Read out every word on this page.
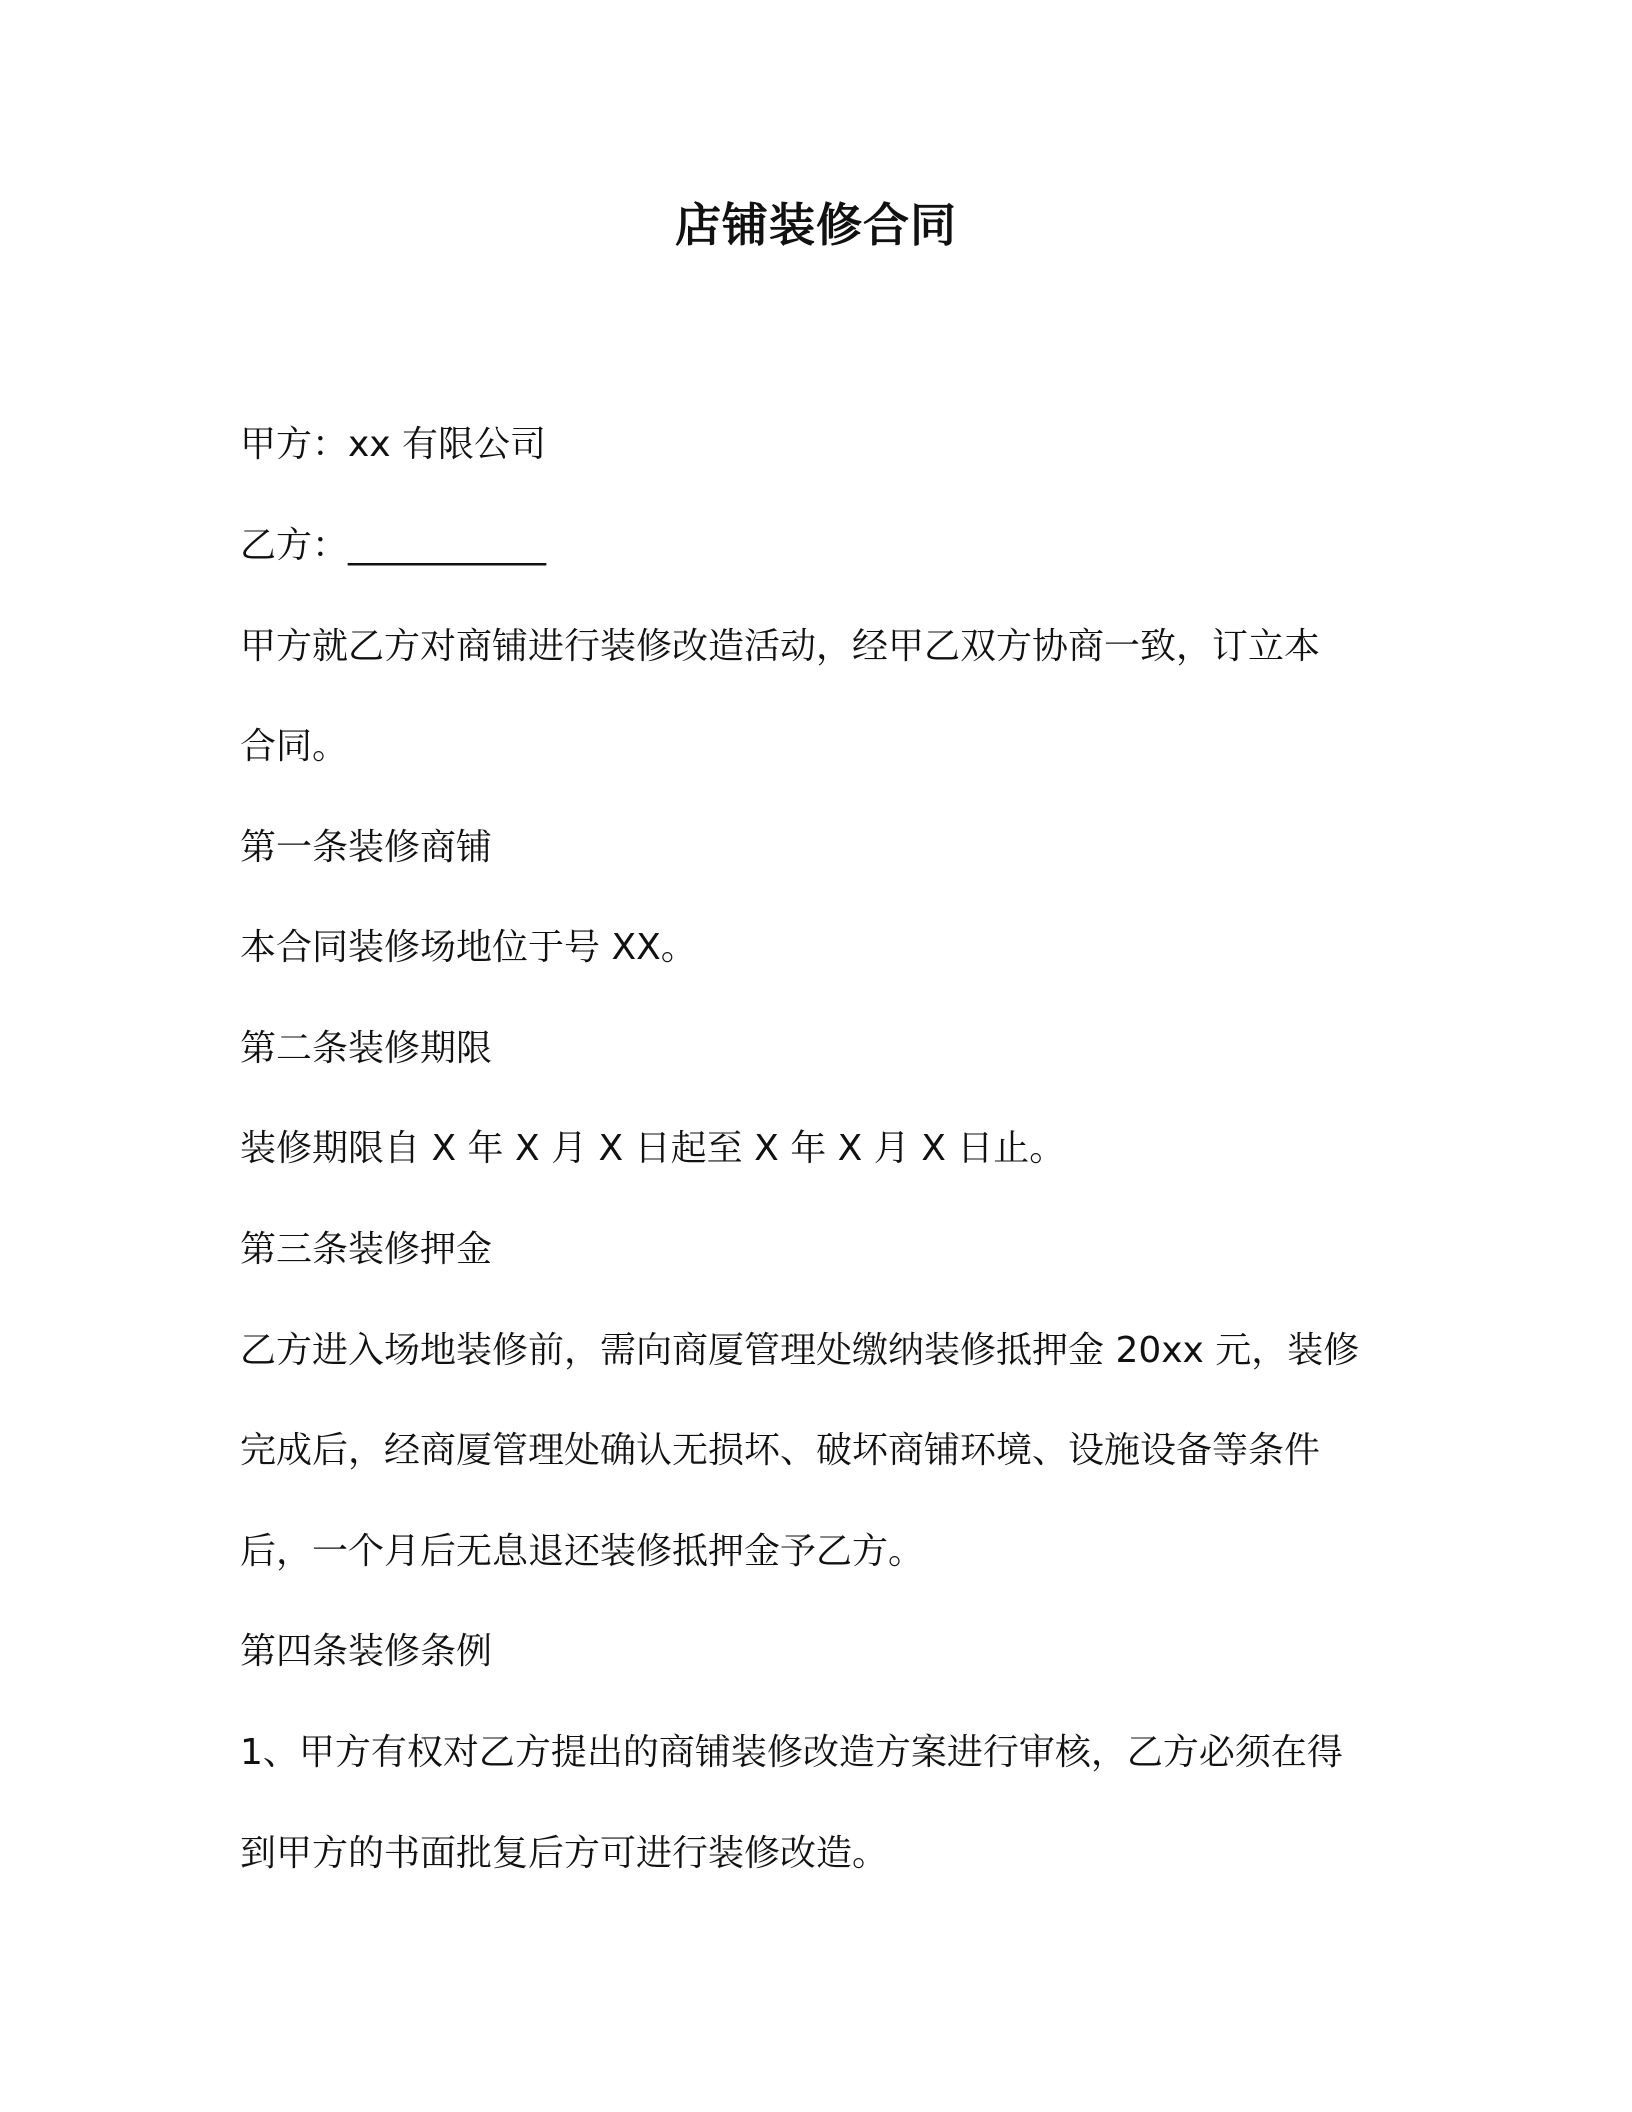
店铺装修合同
甲方：xx 有限公司
乙方：___________
甲方就乙方对商铺进行装修改造活动，经甲乙双方协商一致，订立本
合同。
第一条装修商铺
本合同装修场地位于号 XX。
第二条装修期限
装修期限自 X 年 X 月 X 日起至 X 年 X 月 X 日止。
第三条装修押金
乙方进入场地装修前，需向商厦管理处缴纳装修抵押金 20xx 元，装修
完成后，经商厦管理处确认无损坏、破坏商铺环境、设施设备等条件
后，一个月后无息退还装修抵押金予乙方。
第四条装修条例
1、甲方有权对乙方提出的商铺装修改造方案进行审核，乙方必须在得
到甲方的书面批复后方可进行装修改造。
